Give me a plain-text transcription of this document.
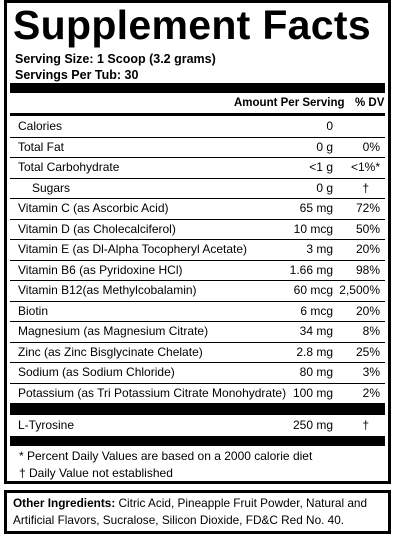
Supplement Facts
Serving Size: 1 Scoop (3.2 grams)
Servings Per Tub: 30
Amount Per Serving % DV
Calories	0
Total Fat	0 g 0%
Total Carbohydrate	<1 g <1%*
Sugars	0 g †
Vitamin C (as Ascorbic Acid)	65 mg 72%
Vitamin D (as Cholecalciferol)	10 mcg 50%
Vitamin E (as Dl-Alpha Tocopheryl Acetate)	3 mg 20%
Vitamin B6 (as Pyridoxine HCl)	1.66 mg 98%
Vitamin B12(as Methylcobalamin)	60 mcg 2,500%
Biotin	6 mcg 20%
Magnesium (as Magnesium Citrate)	34 mg 8%
Zinc (as Zinc Bisglycinate Chelate)	2.8 mg 25%
Sodium (as Sodium Chloride)	80 mg 3%
Potassium (as Tri Potassium Citrate Monohydrate) 100 mg 2%
L-Tyrosine	250 mg †
* Percent Daily Values are based on a 2000 calorie diet
† Daily Value not established
Other Ingredients: Citric Acid, Pineapple Fruit Powder, Natural and Artificial Flavors, Sucralose, Silicon Dioxide, FD&C Red No. 40.
